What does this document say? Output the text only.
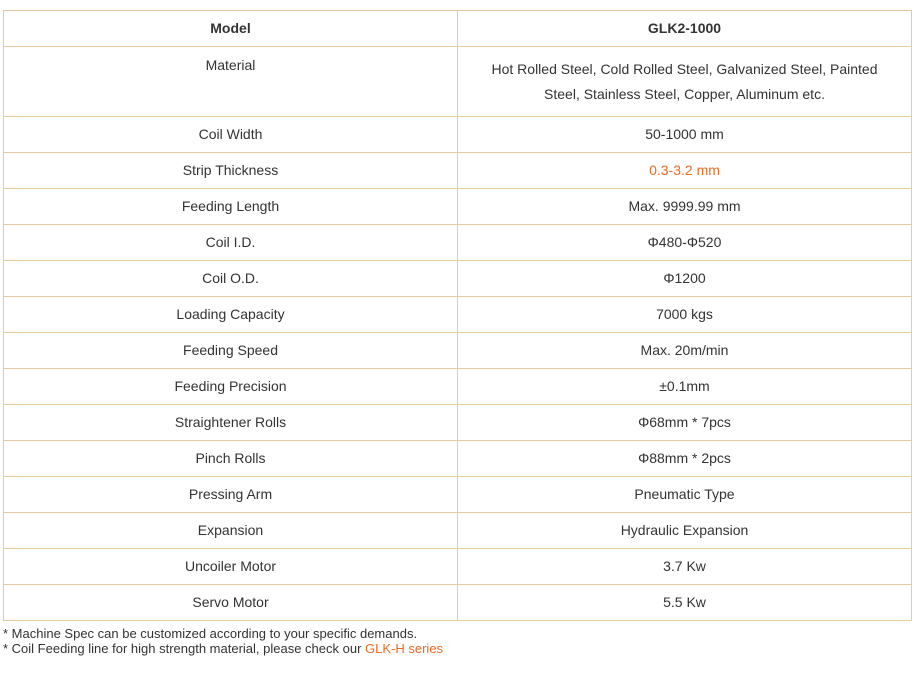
Model	GLK2-1000
Material	Hot Rolled Steel, Cold Rolled Steel, Galvanized Steel, Painted Steel, Stainless Steel, Copper, Aluminum etc.
Coil Width	50-1000 mm
Strip Thickness	0.3-3.2 mm
Feeding Length	Max. 9999.99 mm
Coil I.D.	Φ480-Φ520
Coil O.D.	Φ1200
Loading Capacity	7000 kgs
Feeding Speed	Max. 20m/min
Feeding Precision	±0.1mm
Straightener Rolls	Φ68mm * 7pcs
Pinch Rolls	Φ88mm * 2pcs
Pressing Arm	Pneumatic Type
Expansion	Hydraulic Expansion
Uncoiler Motor	3.7 Kw
Servo Motor	5.5 Kw
* Machine Spec can be customized according to your specific demands.
* Coil Feeding line for high strength material, please check our GLK-H series
